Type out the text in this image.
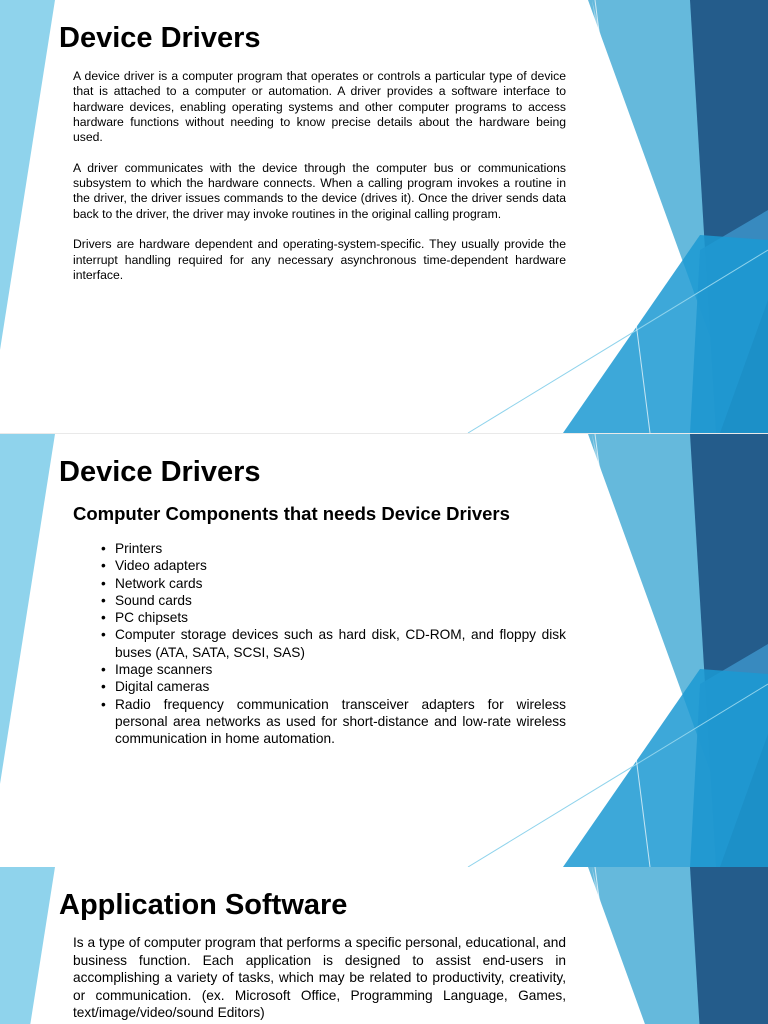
Device Drivers

A device driver is a computer program that operates or controls a particular type of device that is attached to a computer or automation. A driver provides a software interface to hardware devices, enabling operating systems and other computer programs to access hardware functions without needing to know precise details about the hardware being used.

A driver communicates with the device through the computer bus or communications subsystem to which the hardware connects. When a calling program invokes a routine in the driver, the driver issues commands to the device (drives it). Once the driver sends data back to the driver, the driver may invoke routines in the original calling program.

Drivers are hardware dependent and operating-system-specific. They usually provide the interrupt handling required for any necessary asynchronous time-dependent hardware interface.

Device Drivers
Computer Components that needs Device Drivers
• Printers
• Video adapters
• Network cards
• Sound cards
• PC chipsets
• Computer storage devices such as hard disk, CD-ROM, and floppy disk buses (ATA, SATA, SCSI, SAS)
• Image scanners
• Digital cameras
• Radio frequency communication transceiver adapters for wireless personal area networks as used for short-distance and low-rate wireless communication in home automation.
Application Software

Is a type of computer program that performs a specific personal, educational, and business function. Each application is designed to assist end-users in accomplishing a variety of tasks, which may be related to productivity, creativity, or communication. (ex. Microsoft Office, Programming Language, Games, text/image/video/sound Editors)
